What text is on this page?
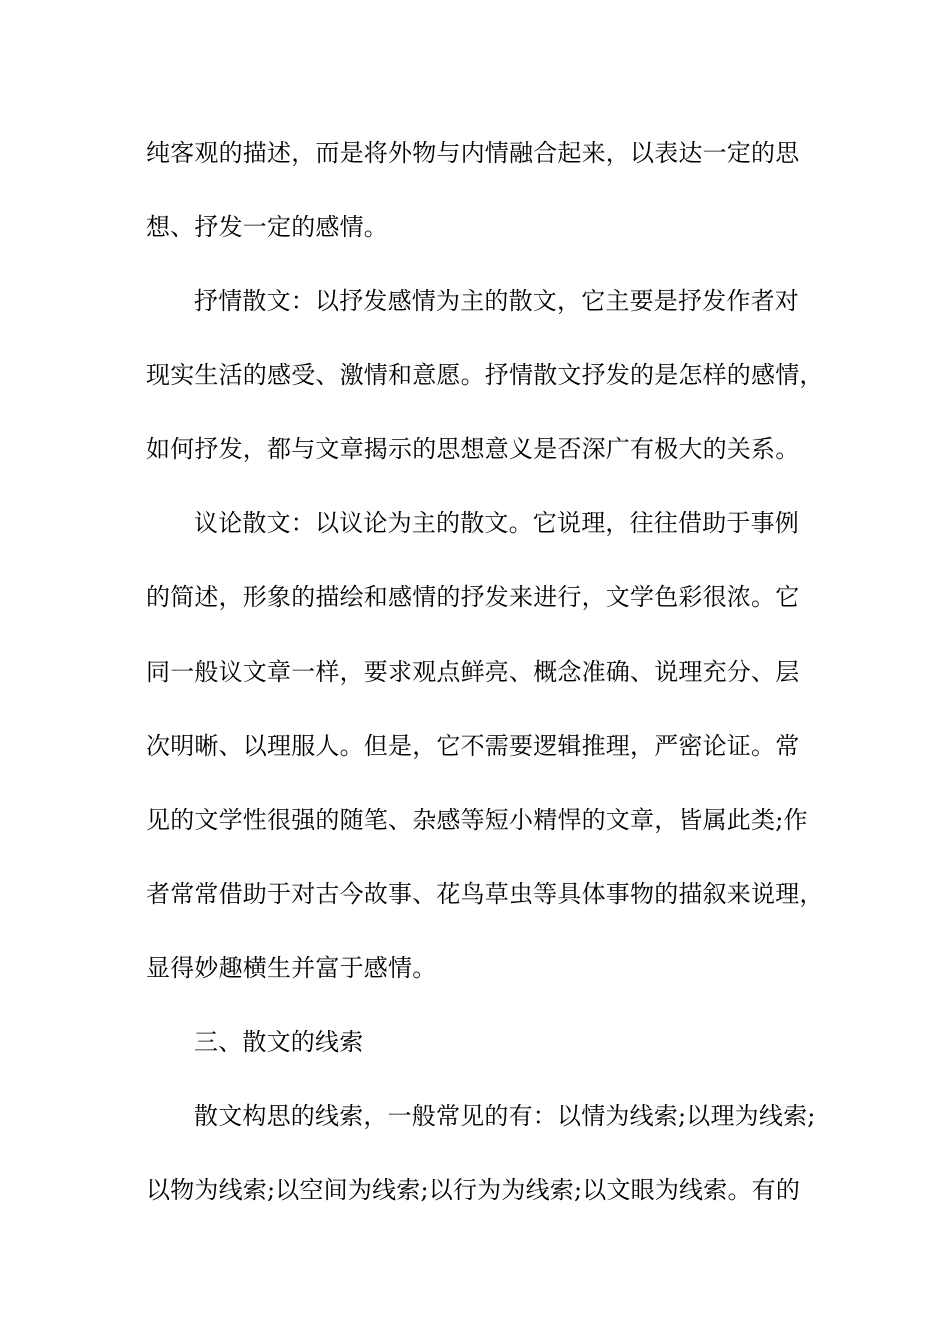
纯客观的描述，而是将外物与内情融合起来，以表达一定的思
想、抒发一定的感情。
抒情散文：以抒发感情为主的散文，它主要是抒发作者对
现实生活的感受、激情和意愿。抒情散文抒发的是怎样的感情，
如何抒发，都与文章揭示的思想意义是否深广有极大的关系。
议论散文：以议论为主的散文。它说理，往往借助于事例
的简述，形象的描绘和感情的抒发来进行，文学色彩很浓。它
同一般议文章一样，要求观点鲜亮、概念准确、说理充分、层
次明晰、以理服人。但是，它不需要逻辑推理，严密论证。常
见的文学性很强的随笔、杂感等短小精悍的文章，皆属此类;作
者常常借助于对古今故事、花鸟草虫等具体事物的描叙来说理，
显得妙趣横生并富于感情。
三、散文的线索
散文构思的线索，一般常见的有：以情为线索;以理为线索;
以物为线索;以空间为线索;以行为为线索;以文眼为线索。有的
